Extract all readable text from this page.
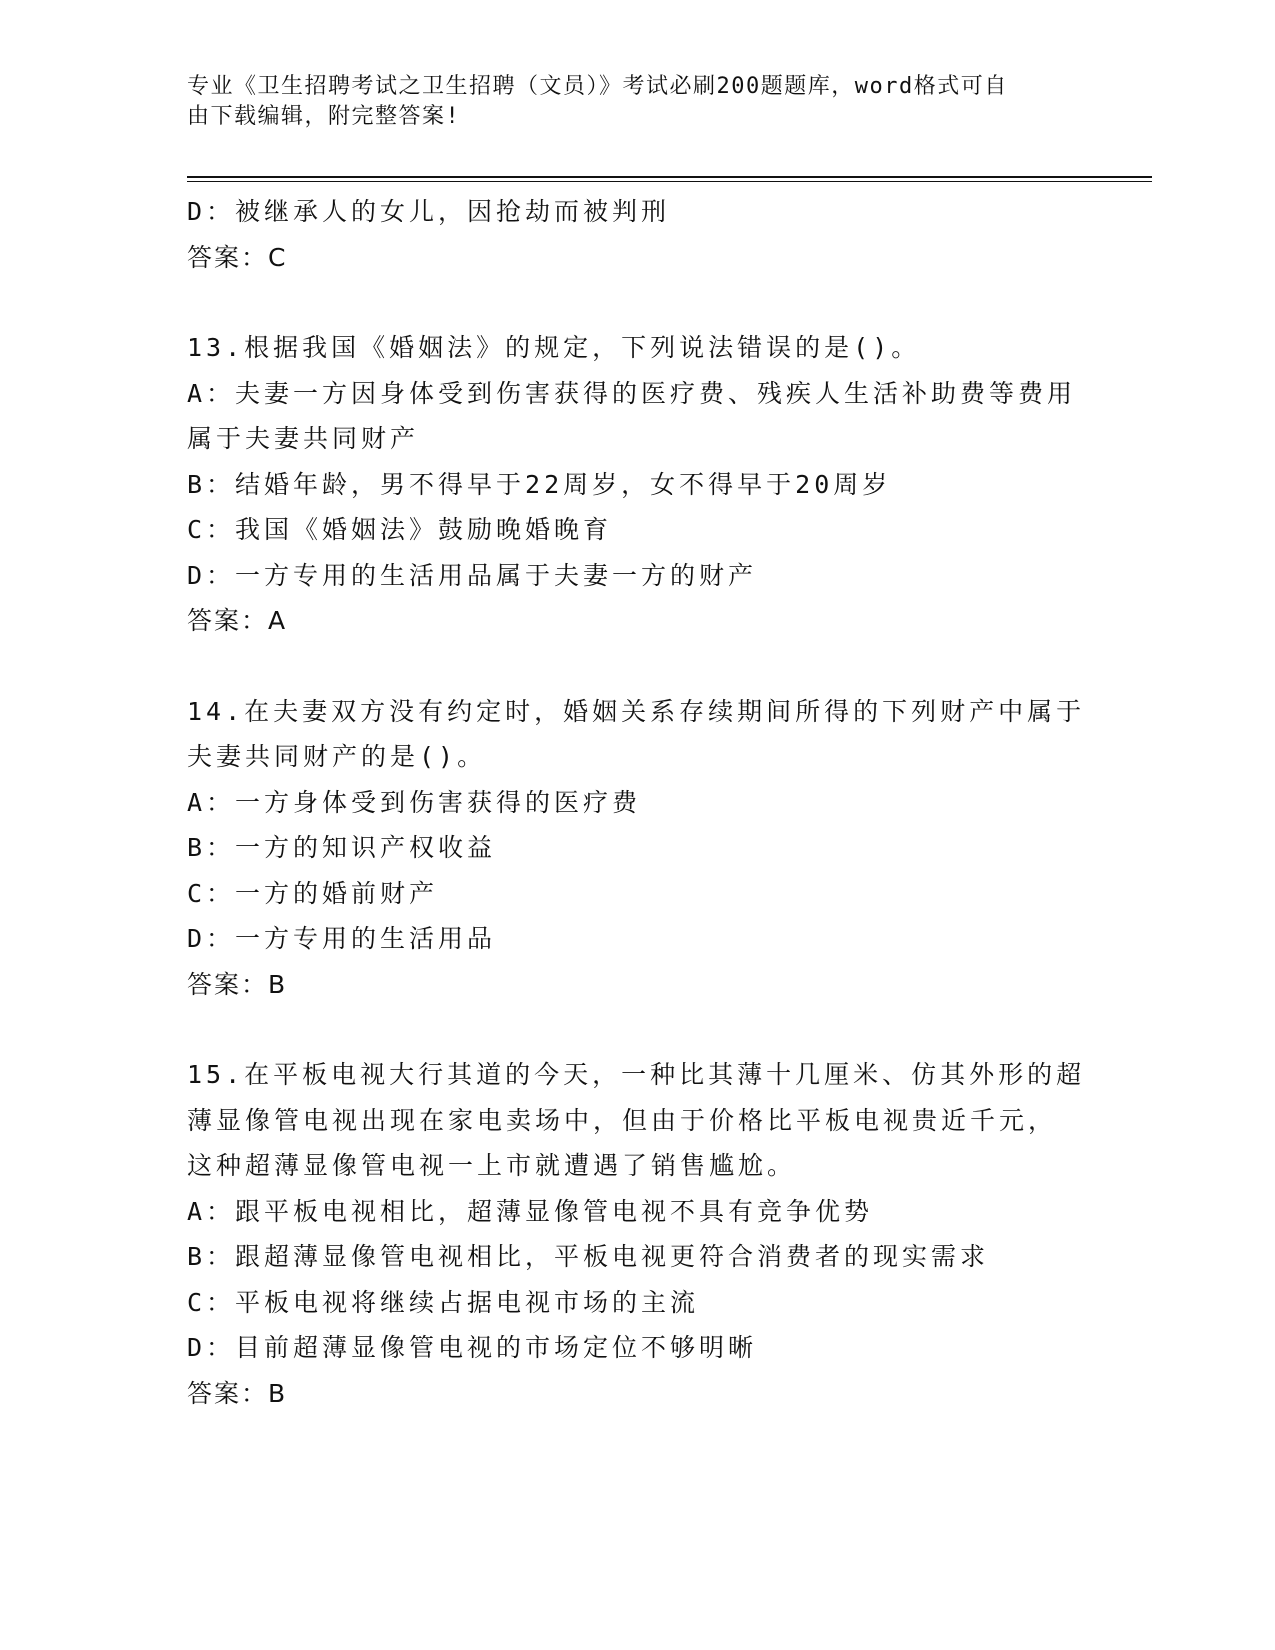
专业《卫生招聘考试之卫生招聘（文员）》考试必刷200题题库，word格式可自
由下载编辑，附完整答案!
D：被继承人的女儿，因抢劫而被判刑
答案：C
13.根据我国《婚姻法》的规定，下列说法错误的是()。
A：夫妻一方因身体受到伤害获得的医疗费、残疾人生活补助费等费用
属于夫妻共同财产
B：结婚年龄，男不得早于22周岁，女不得早于20周岁
C：我国《婚姻法》鼓励晚婚晚育
D：一方专用的生活用品属于夫妻一方的财产
答案：A
14.在夫妻双方没有约定时，婚姻关系存续期间所得的下列财产中属于
夫妻共同财产的是()。
A：一方身体受到伤害获得的医疗费
B：一方的知识产权收益
C：一方的婚前财产
D：一方专用的生活用品
答案：B
15.在平板电视大行其道的今天，一种比其薄十几厘米、仿其外形的超
薄显像管电视出现在家电卖场中，但由于价格比平板电视贵近千元，
这种超薄显像管电视一上市就遭遇了销售尴尬。
A：跟平板电视相比，超薄显像管电视不具有竞争优势
B：跟超薄显像管电视相比，平板电视更符合消费者的现实需求
C：平板电视将继续占据电视市场的主流
D：目前超薄显像管电视的市场定位不够明晰
答案：B
